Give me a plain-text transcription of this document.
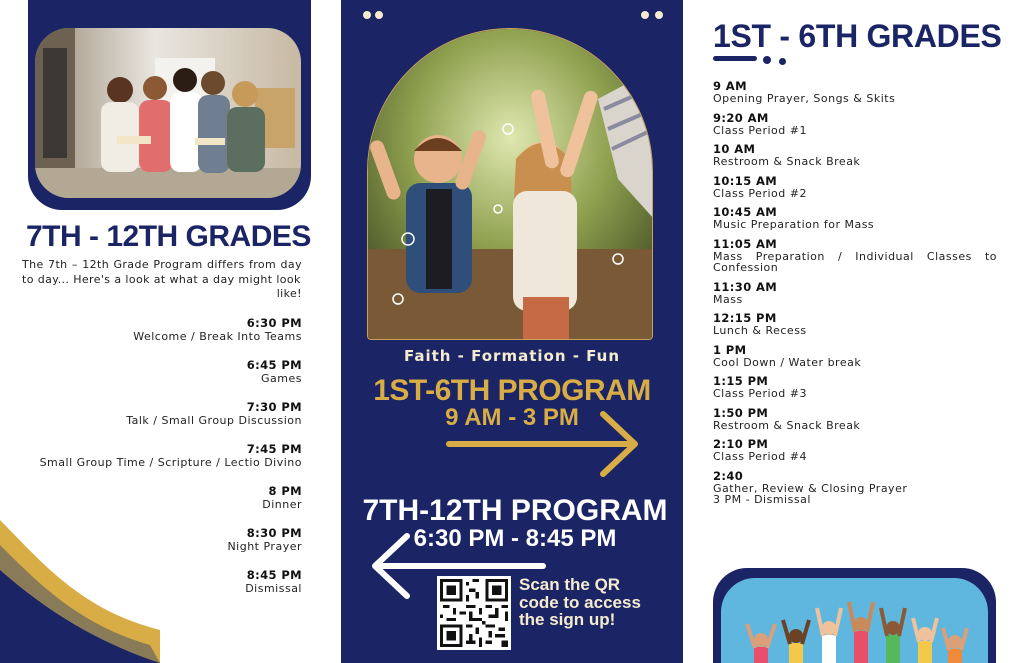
7TH - 12TH GRADES
The 7th – 12th Grade Program differs from day to day... Here's a look at what a day might look
like!
6:30 PM
Welcome / Break Into Teams
6:45 PM
Games
7:30 PM
Talk / Small Group Discussion
7:45 PM
Small Group Time / Scripture / Lectio Divino
8 PM
Dinner
8:30 PM
Night Prayer
8:45 PM
Dismissal
Faith - Formation - Fun
1ST-6TH PROGRAM
9 AM - 3 PM
7TH-12TH PROGRAM
6:30 PM - 8:45 PM
Scan the QR code to access the sign up!
1ST - 6TH GRADES
9 AM
Opening Prayer, Songs & Skits
9:20 AM
Class Period #1
10 AM
Restroom & Snack Break
10:15 AM
Class Period #2
10:45 AM
Music Preparation for Mass
11:05 AM
Mass Preparation / Individual Classes to Confession
11:30 AM
Mass
12:15 PM
Lunch & Recess
1 PM
Cool Down / Water break
1:15 PM
Class Period #3
1:50 PM
Restroom & Snack Break
2:10 PM
Class Period #4
2:40
Gather, Review & Closing Prayer
3 PM - Dismissal
